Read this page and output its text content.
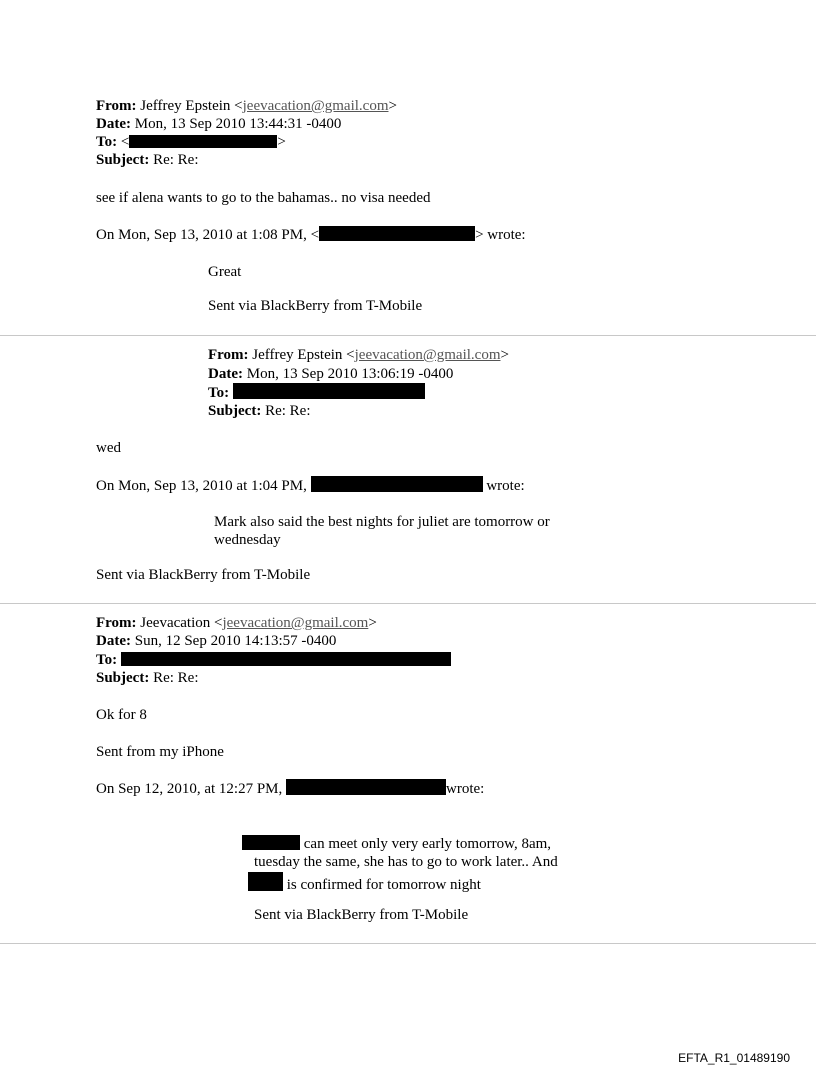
From: Jeffrey Epstein <jeevacation@gmail.com>
Date: Mon, 13 Sep 2010 13:44:31 -0400
To: <	>
Subject: Re: Re:
see if alena wants to go to the bahamas.. no visa needed
On Mon, Sep 13, 2010 at 1:08 PM, <	> wrote:
Great
Sent via BlackBerry from T-Mobile
From: Jeffrey Epstein <jeevacation@gmail.com>
Date: Mon, 13 Sep 2010 13:06:19 -0400
To:
Subject: Re: Re:
wed
On Mon, Sep 13, 2010 at 1:04 PM,	wrote:
Mark also said the best nights for juliet are tomorrow or
wednesday
Sent via BlackBerry from T-Mobile
From: Jeevacation <jeevacation@gmail.com>
Date: Sun, 12 Sep 2010 14:13:57 -0400
To:
Subject: Re: Re:
Ok for 8
Sent from my iPhone
On Sep 12, 2010, at 12:27 PM,	wrote:
can meet only very early tomorrow, 8am,
tuesday the same, she has to go to work later.. And
is confirmed for tomorrow night
Sent via BlackBerry from T-Mobile
EFTA_R1_01489190
